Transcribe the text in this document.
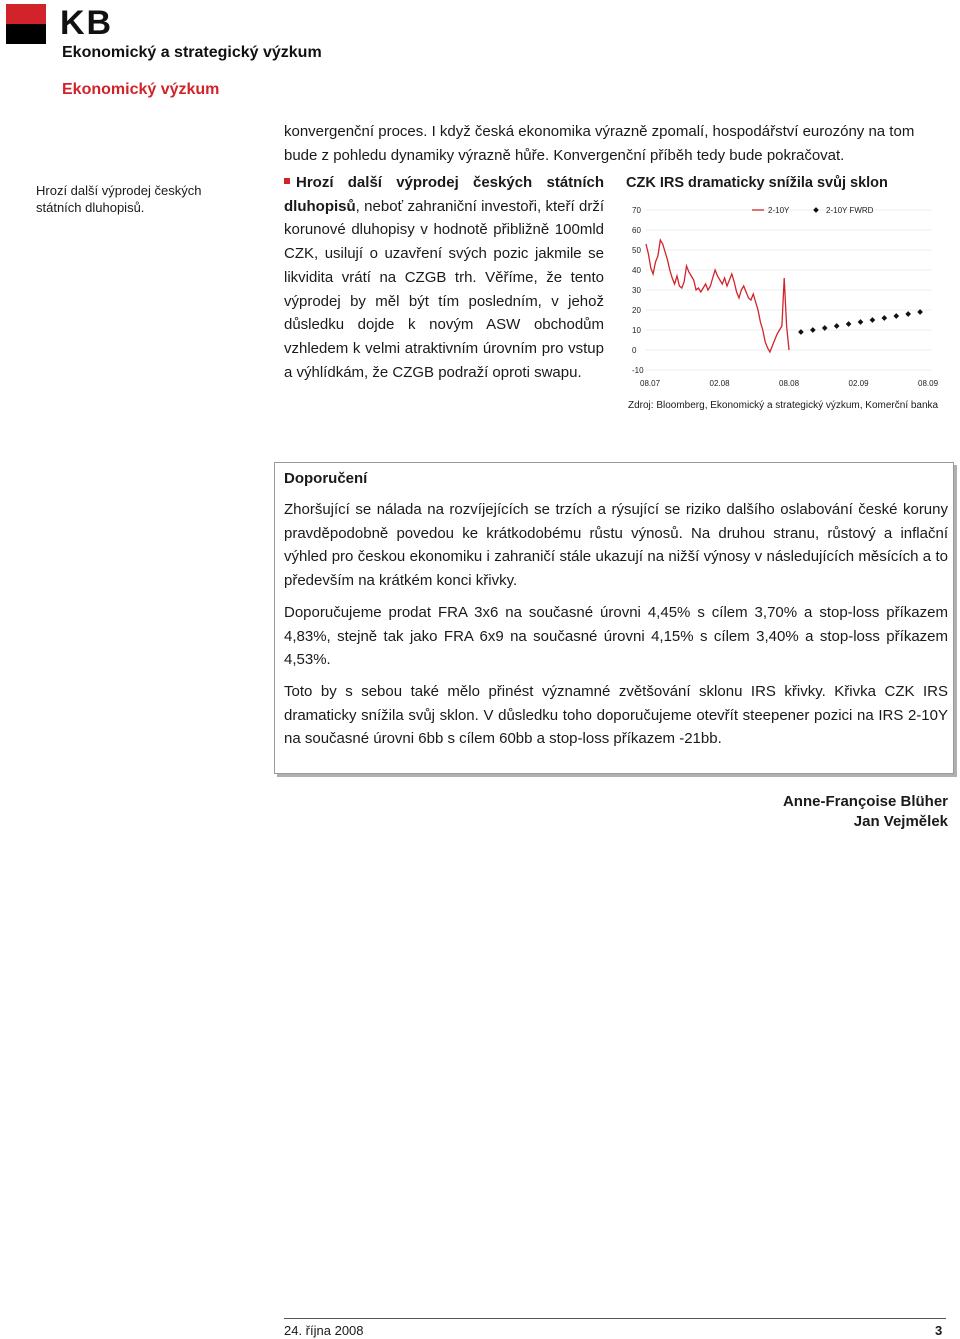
KB
Ekonomický a strategický výzkum
Ekonomický výzkum
konvergenční proces. I když česká ekonomika výrazně zpomalí, hospodářství eurozóny na tom bude z pohledu dynamiky výrazně hůře. Konvergenční příběh tedy bude pokračovat.
Hrozí další výprodej českých státních dluhopisů.
Hrozí další výprodej českých státních dluhopisů, neboť zahraniční investoři, kteří drží korunové dluhopisy v hodnotě přibližně 100mld CZK, usilují o uzavření svých pozic jakmile se likvidita vrátí na CZGB trh. Věříme, že tento výprodej by měl být tím posledním, v jehož důsledku dojde k novým ASW obchodům vzhledem k velmi atraktivním úrovním pro vstup a výhlídkám, že CZGB podraží oproti swapu.
CZK IRS dramaticky snížila svůj sklon
70
60
50
40
30
20
10
0
-10
08.07	02.08	08.08	02.09	08.09
2-10Y	2-10Y FWRD
Zdroj: Bloomberg, Ekonomický a strategický výzkum, Komerční banka
Doporučení
Zhoršující se nálada na rozvíjejících se trzích a rýsující se riziko dalšího oslabování české koruny pravděpodobně povedou ke krátkodobému růstu výnosů. Na druhou stranu, růstový a inflační výhled pro českou ekonomiku i zahraničí stále ukazují na nižší výnosy v následujících měsících a to především na krátkém konci křivky.
Doporučujeme prodat FRA 3x6 na současné úrovni 4,45% s cílem 3,70% a stop-loss příkazem 4,83%, stejně tak jako FRA 6x9 na současné úrovni 4,15% s cílem 3,40% a stop-loss příkazem 4,53%.
Toto by s sebou také mělo přinést významné zvětšování sklonu IRS křivky. Křivka CZK IRS dramaticky snížila svůj sklon. V důsledku toho doporučujeme otevřít steepener pozici na IRS 2-10Y na současné úrovni 6bb s cílem 60bb a stop-loss příkazem -21bb.
Anne-Françoise Blüher
Jan Vejmělek
24. října 2008	3
